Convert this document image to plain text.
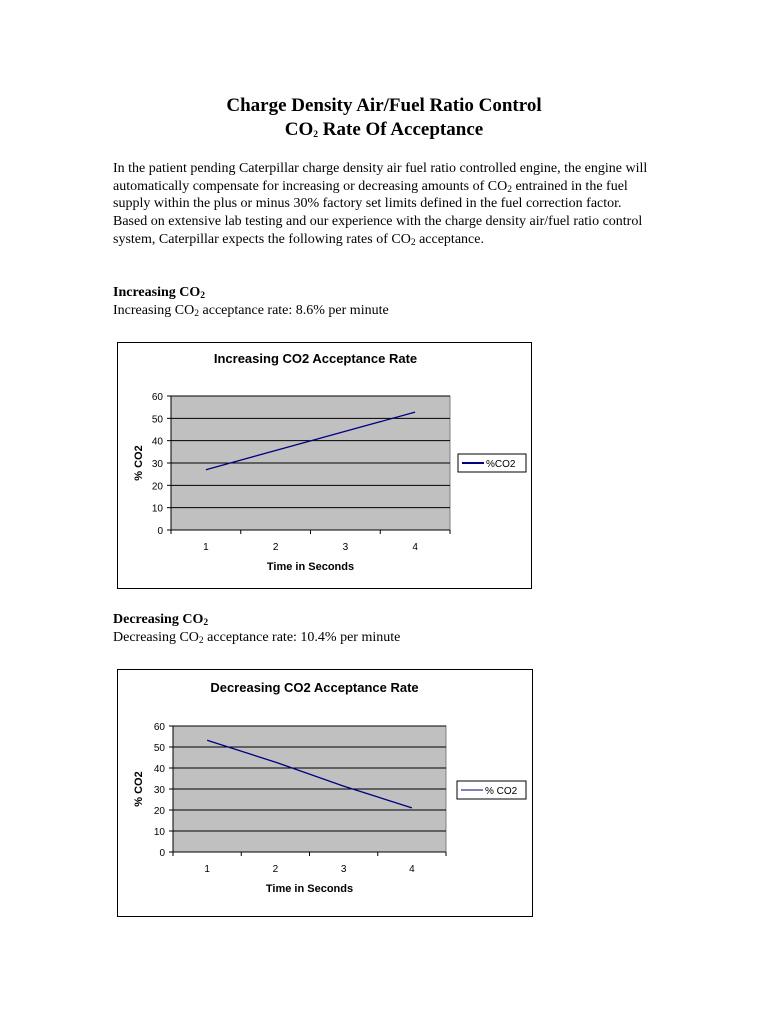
Charge Density Air/Fuel Ratio Control
$CO_2$ Rate Of Acceptance
In the patient pending Caterpillar charge density air fuel ratio controlled engine, the engine will automatically compensate for increasing or decreasing amounts of $CO_2$ entrained in the fuel supply within the plus or minus 30% factory set limits defined in the fuel correction factor. Based on extensive lab testing and our experience with the charge density air/fuel ratio control system, Caterpillar expects the following rates of $CO_2$ acceptance.
Increasing $CO_2$
Increasing $CO_2$ acceptance rate: 8.6% per minute
Increasing CO2 Acceptance Rate
0
10
20
30
40
50
60
1	2	3	4
Time in Seconds
% CO2	%CO2
Decreasing $CO_2$
Decreasing $CO_2$ acceptance rate: 10.4% per minute
Decreasing CO2 Acceptance Rate
0
10
20
30
40
50
60
1	2	3	4
Time in Seconds
% CO2	% CO2
